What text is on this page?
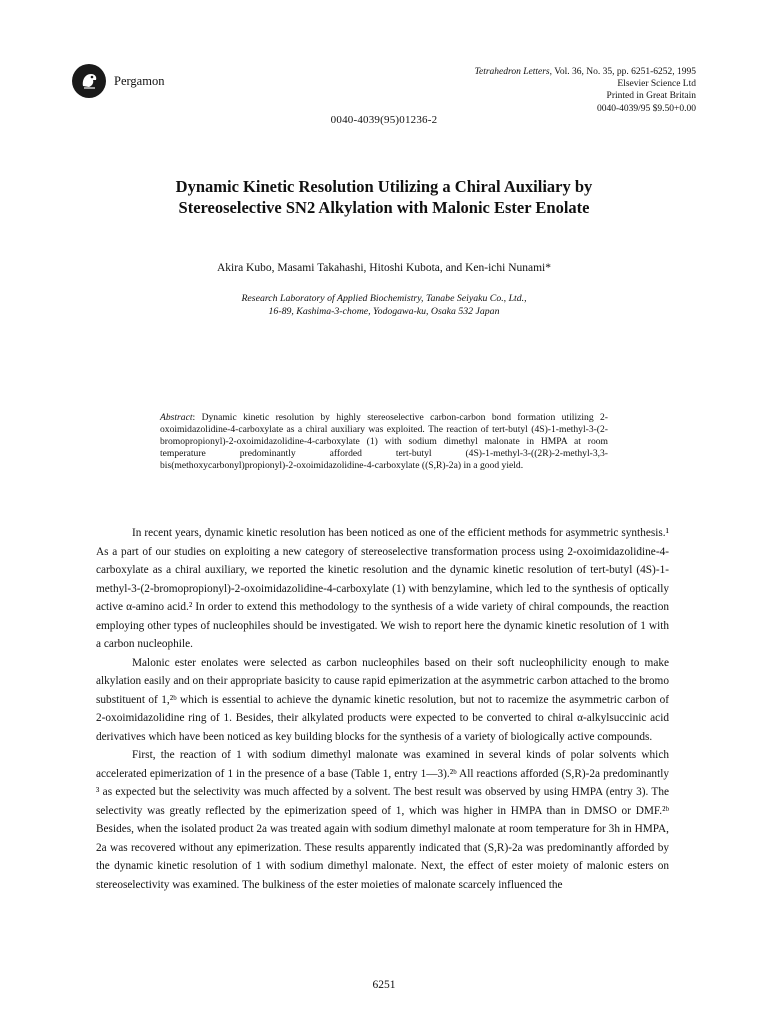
Pergamon
Tetrahedron Letters, Vol. 36, No. 35, pp. 6251-6252, 1995
Elsevier Science Ltd
Printed in Great Britain
0040-4039/95 $9.50+0.00
0040-4039(95)01236-2
Dynamic Kinetic Resolution Utilizing a Chiral Auxiliary by
Stereoselective SN2 Alkylation with Malonic Ester Enolate
Akira Kubo, Masami Takahashi, Hitoshi Kubota, and Ken-ichi Nunami*
Research Laboratory of Applied Biochemistry, Tanabe Seiyaku Co., Ltd.,
16-89, Kashima-3-chome, Yodogawa-ku, Osaka 532 Japan
Abstract: Dynamic kinetic resolution by highly stereoselective carbon-carbon bond formation utilizing 2-oxoimidazolidine-4-carboxylate as a chiral auxiliary was exploited. The reaction of tert-butyl (4S)-1-methyl-3-(2-bromopropionyl)-2-oxoimidazolidine-4-carboxylate (1) with sodium dimethyl malonate in HMPA at room temperature predominantly afforded tert-butyl (4S)-1-methyl-3-((2R)-2-methyl-3,3-bis(methoxycarbonyl)propionyl)-2-oxoimidazolidine-4-carboxylate ((S,R)-2a) in a good yield.

In recent years, dynamic kinetic resolution has been noticed as one of the efficient methods for asymmetric synthesis.¹ As a part of our studies on exploiting a new category of stereoselective transformation process using 2-oxoimidazolidine-4-carboxylate as a chiral auxiliary, we reported the kinetic resolution and the dynamic kinetic resolution of tert-butyl (4S)-1-methyl-3-(2-bromopropionyl)-2-oxoimidazolidine-4-carboxylate (1) with benzylamine, which led to the synthesis of optically active α-amino acid.² In order to extend this methodology to the synthesis of a wide variety of chiral compounds, the reaction employing other types of nucleophiles should be investigated. We wish to report here the dynamic kinetic resolution of 1 with a carbon nucleophile.

Malonic ester enolates were selected as carbon nucleophiles based on their soft nucleophilicity enough to make alkylation easily and on their appropriate basicity to cause rapid epimerization at the asymmetric carbon attached to the bromo substituent of 1,²ᵇ which is essential to achieve the dynamic kinetic resolution, but not to racemize the asymmetric carbon of 2-oxoimidazolidine ring of 1. Besides, their alkylated products were expected to be converted to chiral α-alkylsuccinic acid derivatives which have been noticed as key building blocks for the synthesis of a variety of biologically active compounds.

First, the reaction of 1 with sodium dimethyl malonate was examined in several kinds of polar solvents which accelerated epimerization of 1 in the presence of a base (Table 1, entry 1—3).²ᵇ All reactions afforded (S,R)-2a predominantly ³ as expected but the selectivity was much affected by a solvent. The best result was observed by using HMPA (entry 3). The selectivity was greatly reflected by the epimerization speed of 1, which was higher in HMPA than in DMSO or DMF.²ᵇ Besides, when the isolated product 2a was treated again with sodium dimethyl malonate at room temperature for 3h in HMPA, 2a was recovered without any epimerization. These results apparently indicated that (S,R)-2a was predominantly afforded by the dynamic kinetic resolution of 1 with sodium dimethyl malonate. Next, the effect of ester moiety of malonic esters on stereoselectivity was examined. The bulkiness of the ester moieties of malonate scarcely influenced the

6251
